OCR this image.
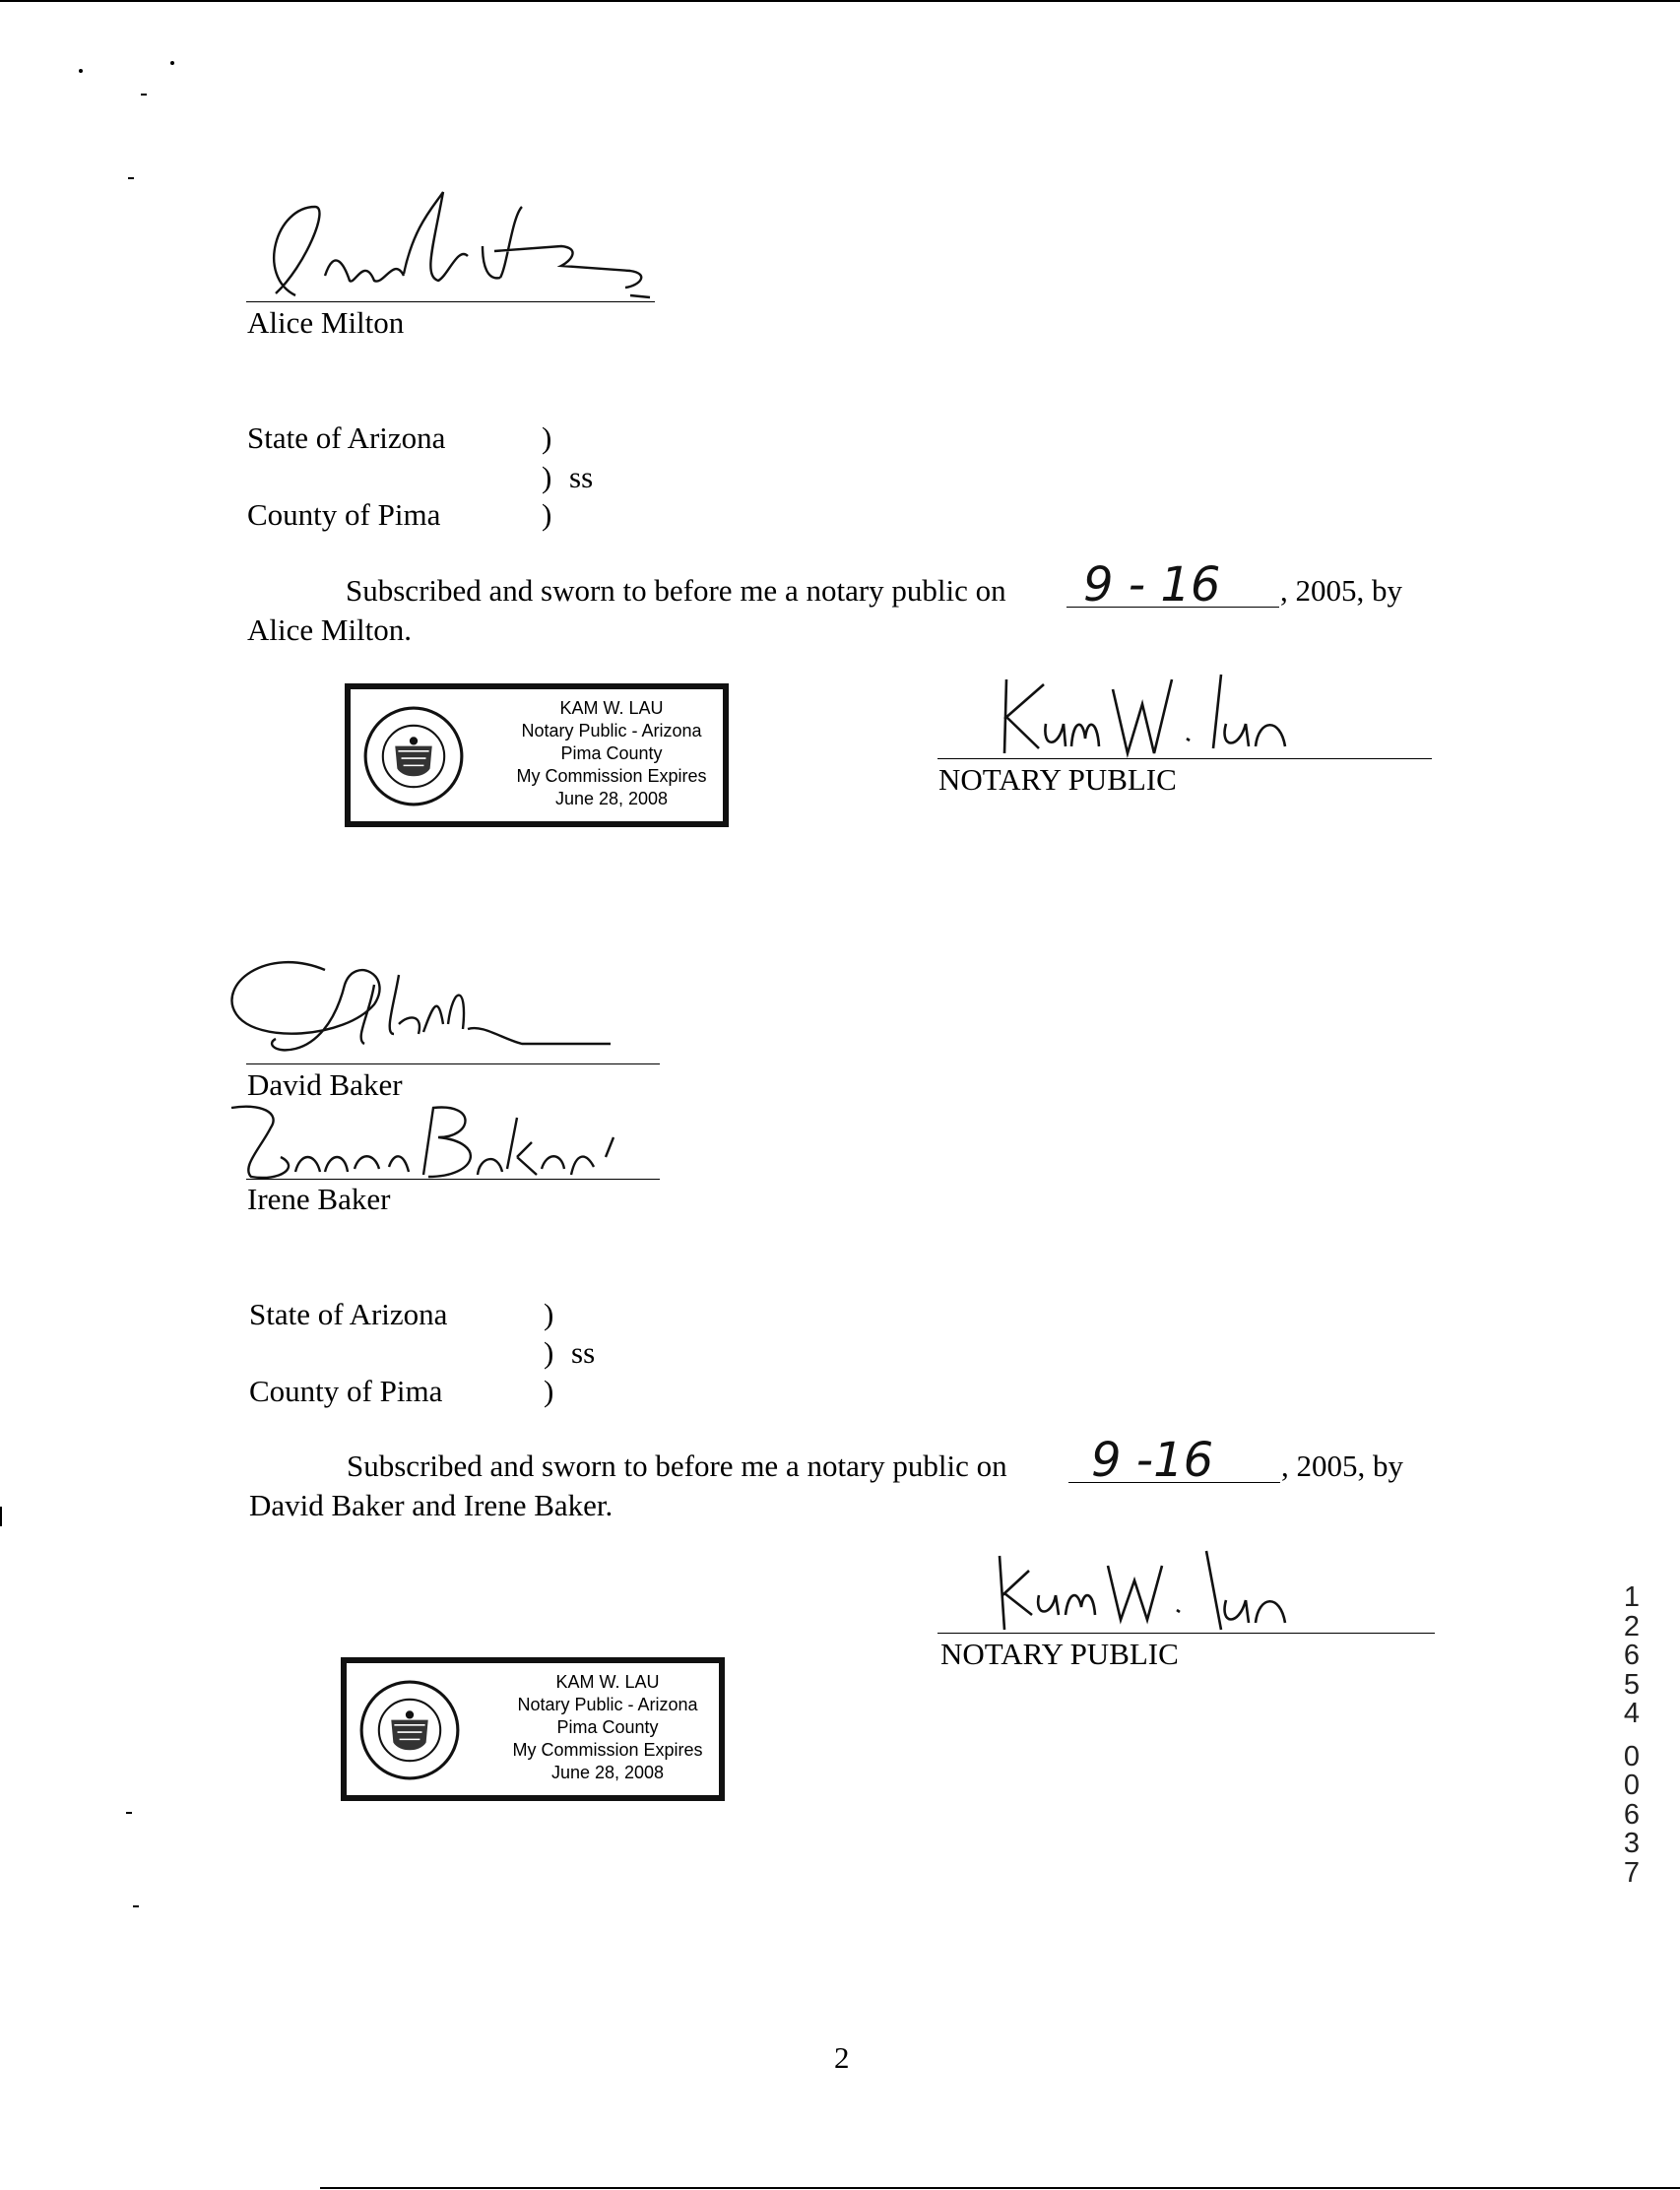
Alice Milton
State of Arizona	)
) ss
County of Pima	)
Subscribed and sworn to before me a notary public on 9 - 16 , 2005, by
Alice Milton.
KAM W. LAU
Notary Public - Arizona
Pima County
My Commission Expires
June 28, 2008
NOTARY PUBLIC
David Baker
Irene Baker
State of Arizona	)
) ss
County of Pima	)
Subscribed and sworn to before me a notary public on 9 -16 , 2005, by
David Baker and Irene Baker.
NOTARY PUBLIC
KAM W. LAU
Notary Public - Arizona
Pima County
My Commission Expires
June 28, 2008
1
2
6
5
4
0
0
6
3
7
2
